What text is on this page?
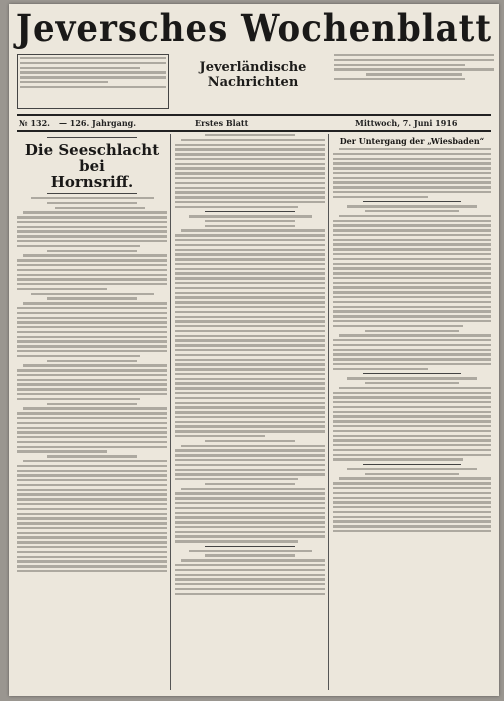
Jeversches Wochenblatt
Jeverländische
Nachrichten
№ 132. — 126. Jahrgang.	Erstes Blatt	Mittwoch, 7. Juni 1916
Die Seeschlacht bei
Hornsriff.
Der Untergang der „Wiesbaden“
